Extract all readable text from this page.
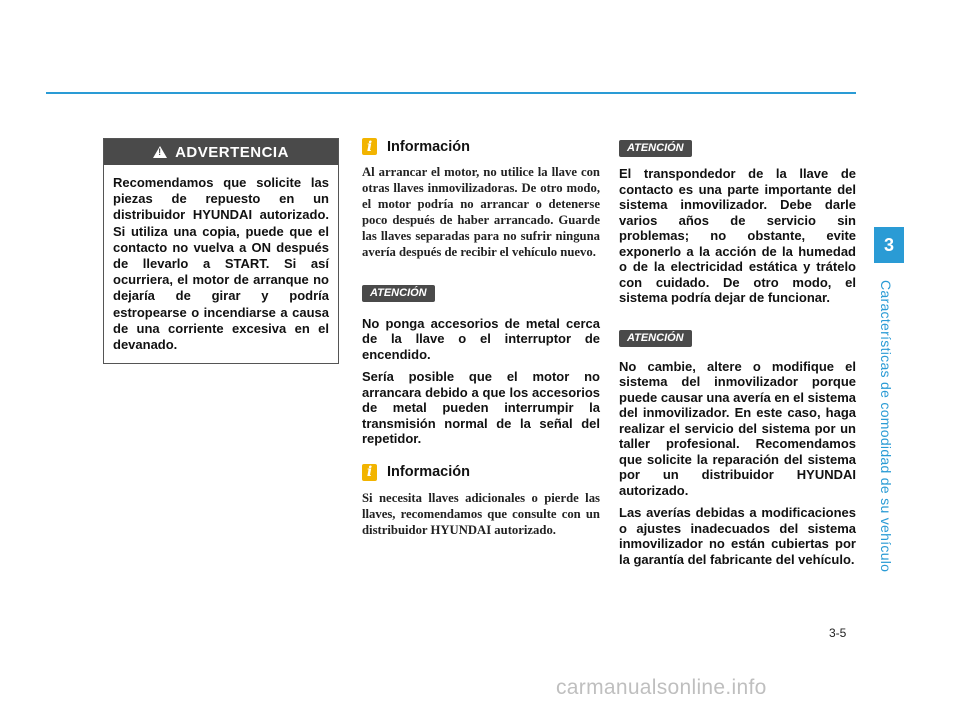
!
ADVERTENCIA
Recomendamos que solicite las piezas de repuesto en un distribuidor HYUNDAI autorizado. Si utiliza una copia, puede que el contacto no vuelva a ON después de llevarlo a START. Si así ocurriera, el motor de arranque no dejaría de girar y podría estropearse o incendiarse a causa de una corriente excesiva en el devanado.
i	Información
Al arrancar el motor, no utilice la llave con otras llaves inmovilizadoras. De otro modo, el motor podría no arrancar o detenerse poco después de haber arrancado. Guarde las llaves separadas para no sufrir ninguna avería después de recibir el vehículo nuevo.
ATENCIÓN
No ponga accesorios de metal cerca de la llave o el interruptor de encendido.
Sería posible que el motor no arrancara debido a que los accesorios de metal pueden interrumpir la transmisión normal de la señal del repetidor.
i	Información
Si necesita llaves adicionales o pierde las llaves, recomendamos que consulte con un distribuidor HYUNDAI autorizado.
ATENCIÓN
El transpondedor de la llave de contacto es una parte importante del sistema inmovilizador. Debe darle varios años de servicio sin problemas; no obstante, evite exponerlo a la acción de la humedad o de la electricidad estática y trátelo con cuidado. De otro modo, el sistema podría dejar de funcionar.
ATENCIÓN
No cambie, altere o modifique el sistema del inmovilizador porque puede causar una avería en el sistema del inmovilizador. En este caso, haga realizar el servicio del sistema por un taller profesional. Recomendamos que solicite la reparación del sistema por un distribuidor HYUNDAI autorizado.
Las averías debidas a modificaciones o ajustes inadecuados del sistema inmovilizador no están cubiertas por la garantía del fabricante del vehículo.
3
Características de comodidad de su vehículo
3-5
carmanualsonline.info
